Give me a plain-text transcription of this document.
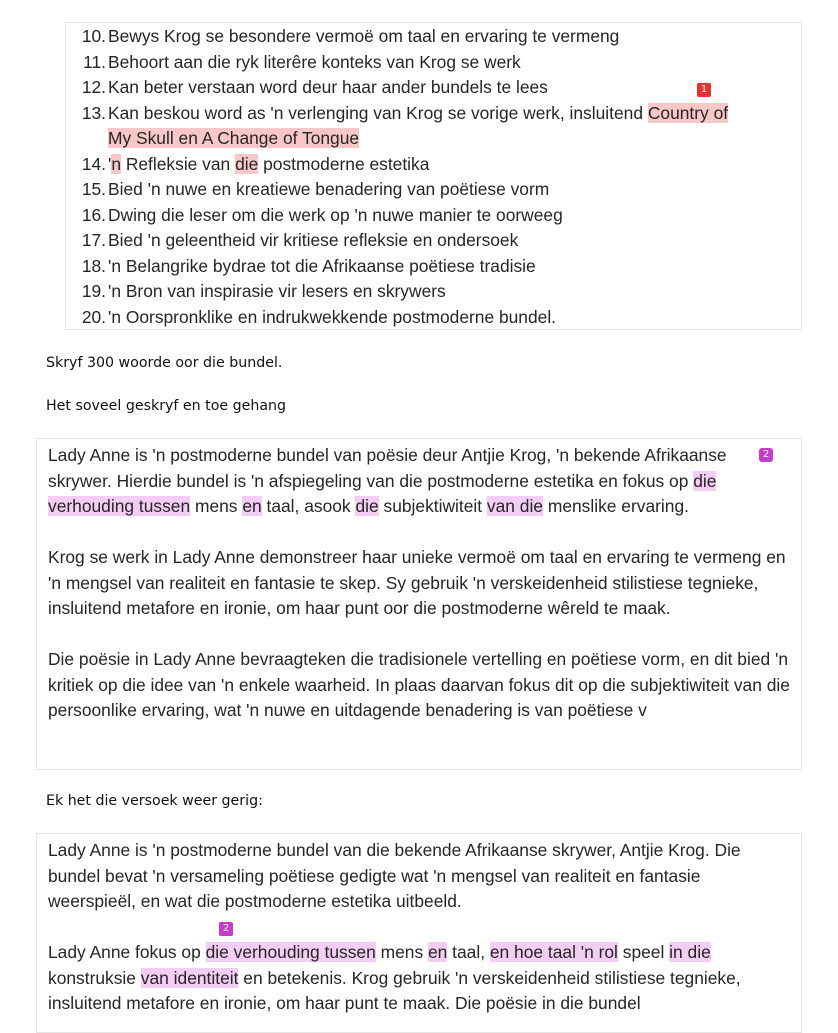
10. Bewys Krog se besondere vermoë om taal en ervaring te vermeng
11. Behoort aan die ryk literêre konteks van Krog se werk
12. Kan beter verstaan word deur haar ander bundels te lees
13. Kan beskou word as 'n verlenging van Krog se vorige werk, insluitend Country of
My Skull en A Change of Tongue
14. 'n Refleksie van die postmoderne estetika
15. Bied 'n nuwe en kreatiewe benadering van poëtiese vorm
16. Dwing die leser om die werk op 'n nuwe manier te oorweeg
17. Bied 'n geleentheid vir kritiese refleksie en ondersoek
18. 'n Belangrike bydrae tot die Afrikaanse poëtiese tradisie
19. 'n Bron van inspirasie vir lesers en skrywers
20. 'n Oorspronklike en indrukwekkende postmoderne bundel.
1
Skryf 300 woorde oor die bundel.
Het soveel geskryf en toe gehang

Lady Anne is 'n postmoderne bundel van poësie deur Antjie Krog, 'n bekende Afrikaanse skrywer. Hierdie bundel is 'n afspiegeling van die postmoderne estetika en fokus op die verhouding tussen mens en taal, asook die subjektiwiteit van die menslike ervaring.

Krog se werk in Lady Anne demonstreer haar unieke vermoë om taal en ervaring te vermeng en 'n mengsel van realiteit en fantasie te skep. Sy gebruik 'n verskeidenheid stilistiese tegnieke, insluitend metafore en ironie, om haar punt oor die postmoderne wêreld te maak.

Die poësie in Lady Anne bevraagteken die tradisionele vertelling en poëtiese vorm, en dit bied 'n kritiek op die idee van 'n enkele waarheid. In plaas daarvan fokus dit op die subjektiwiteit van die persoonlike ervaring, wat 'n nuwe en uitdagende benadering is van poëtiese v

2
Ek het die versoek weer gerig:

Lady Anne is 'n postmoderne bundel van die bekende Afrikaanse skrywer, Antjie Krog. Die bundel bevat 'n versameling poëtiese gedigte wat 'n mengsel van realiteit en fantasie weerspieël, en wat die postmoderne estetika uitbeeld.

Lady Anne fokus op die verhouding tussen mens en taal, en hoe taal 'n rol speel in die konstruksie van identiteit en betekenis. Krog gebruik 'n verskeidenheid stilistiese tegnieke, insluitend metafore en ironie, om haar punt te maak. Die poësie in die bundel

2
